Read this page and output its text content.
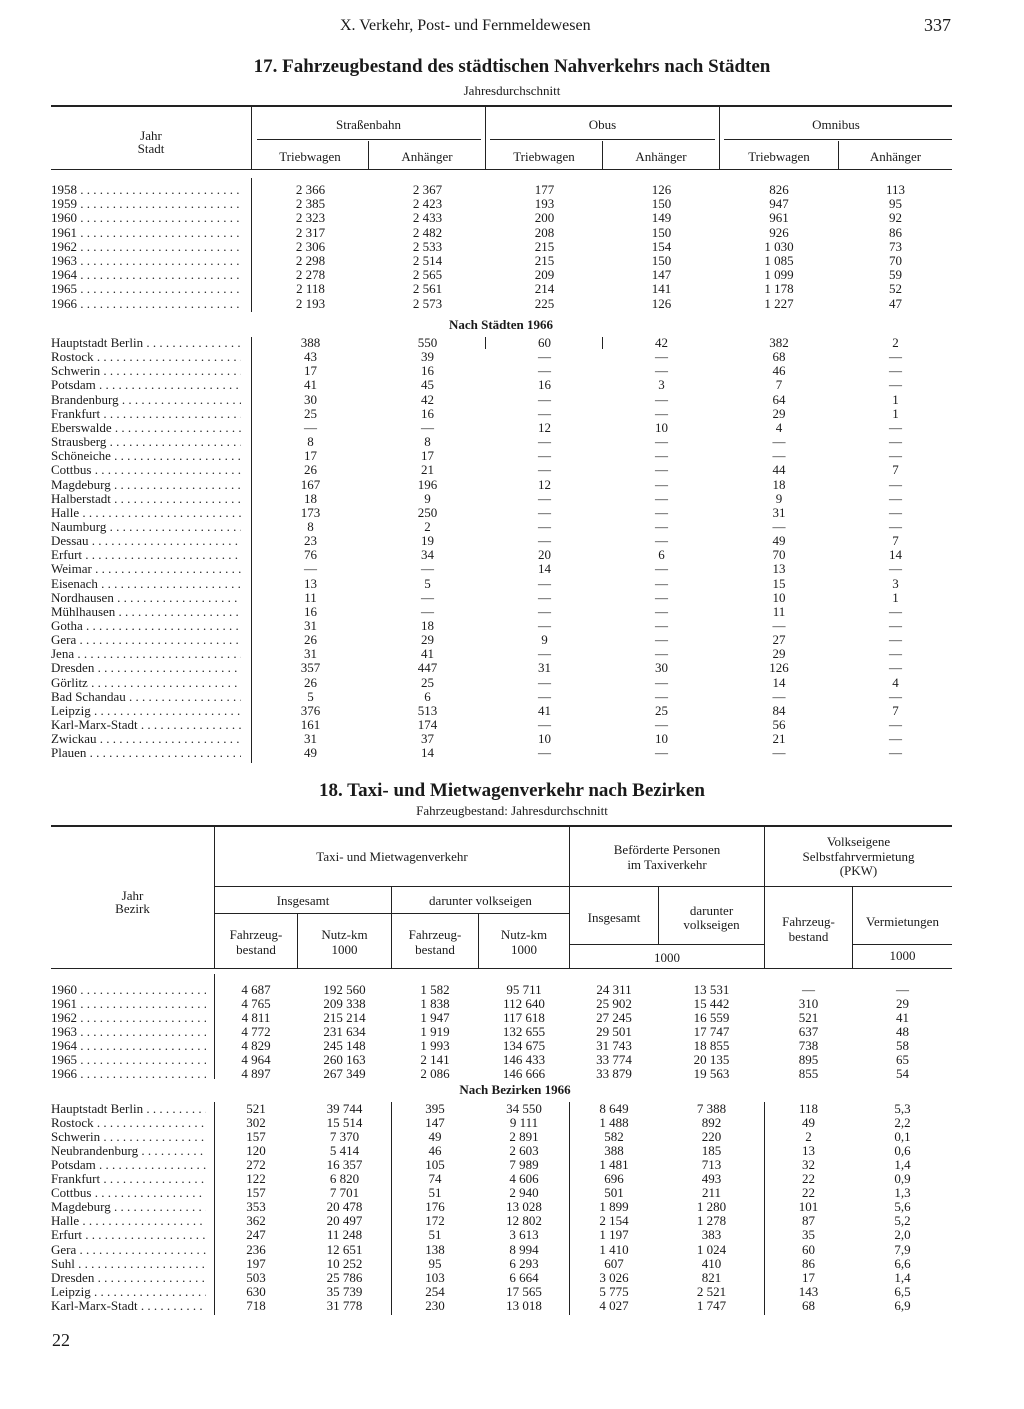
X. Verkehr, Post- und Fernmeldewesen	337
17. Fahrzeugbestand des städtischen Nahverkehrs nach Städten
Jahresdurchschnitt
Jahr
Stadt
Straßenbahn	Obus	Omnibus
Triebwagen	Anhänger	Triebwagen	Anhänger	Triebwagen	Anhänger
1958 . . .	2 366	2 367	177	126	826	113
1959 . . .	2 385	2 423	193	150	947	95
1960 . . .	2 323	2 433	200	149	961	92
1961 . . .	2 317	2 482	208	150	926	86
1962 . . .	2 306	2 533	215	154	1 030	73
1963 . . .	2 298	2 514	215	150	1 085	70
1964 . . .	2 278	2 565	209	147	1 099	59
1965 . . .	2 118	2 561	214	141	1 178	52
1966 . . .	2 193	2 573	225	126	1 227	47
Nach Städten 1966
Hauptstadt Berlin . . .	388	550	60	42	382	2
Rostock . . .	43	39	—	—	68	—
Schwerin . . .	17	16	—	—	46	—
Potsdam . . .	41	45	16	3	7	—
Brandenburg . . .	30	42	—	—	64	1
Frankfurt . . .	25	16	—	—	29	1
Eberswalde . . .	—	—	12	10	4	—
Strausberg . . .	8	8	—	—	—	—
Schöneiche . . .	17	17	—	—	—	—
Cottbus . . .	26	21	—	—	44	7
Magdeburg . . .	167	196	12	—	18	—
Halberstadt . . .	18	9	—	—	9	—
Halle . . .	173	250	—	—	31	—
Naumburg . . .	8	2	—	—	—	—
Dessau . . .	23	19	—	—	49	7
Erfurt . . .	76	34	20	6	70	14
Weimar . . .	—	—	14	—	13	—
Eisenach . . .	13	5	—	—	15	3
Nordhausen . . .	11	—	—	—	10	1
Mühlhausen . . .	16	—	—	—	11	—
Gotha . . .	31	18	—	—	—	—
Gera . . .	26	29	9	—	27	—
Jena . . .	31	41	—	—	29	—
Dresden . . .	357	447	31	30	126	—
Görlitz . . .	26	25	—	—	14	4
Bad Schandau . . .	5	6	—	—	—	—
Leipzig . . .	376	513	41	25	84	7
Karl-Marx-Stadt . . .	161	174	—	—	56	—
Zwickau . . .	31	37	10	10	21	—
Plauen . . .	49	14	—	—	—	—
18. Taxi- und Mietwagenverkehr nach Bezirken
Fahrzeugbestand: Jahresdurchschnitt
Jahr
Bezirk
Taxi- und Mietwagenverkehr	Beförderte Personen
im Taxiverkehr
Volkseigene
Selbstfahrvermietung
(PKW)
Insgesamt	darunter volkseigen
Fahrzeug-
bestand
Nutz-km
1000
Fahrzeug-
bestand
Nutz-km
1000
Insgesamt	darunter
volkseigen
1000
Fahrzeug-
bestand
Vermietungen
1000
1960 . . .	4 687	192 560	1 582	95 711	24 311	13 531	—	—
1961 . . .	4 765	209 338	1 838	112 640	25 902	15 442	310	29
1962 . . .	4 811	215 214	1 947	117 618	27 245	16 559	521	41
1963 . . .	4 772	231 634	1 919	132 655	29 501	17 747	637	48
1964 . . .	4 829	245 148	1 993	134 675	31 743	18 855	738	58
1965 . . .	4 964	260 163	2 141	146 433	33 774	20 135	895	65
1966 . . .	4 897	267 349	2 086	146 666	33 879	19 563	855	54
Nach Bezirken 1966
Hauptstadt Berlin . . .	521	39 744	395	34 550	8 649	7 388	118	5,3
Rostock . . .	302	15 514	147	9 111	1 488	892	49	2,2
Schwerin . . .	157	7 370	49	2 891	582	220	2	0,1
Neubrandenburg . . .	120	5 414	46	2 603	388	185	13	0,6
Potsdam . . .	272	16 357	105	7 989	1 481	713	32	1,4
Frankfurt . . .	122	6 820	74	4 606	696	493	22	0,9
Cottbus . . .	157	7 701	51	2 940	501	211	22	1,3
Magdeburg . . .	353	20 478	176	13 028	1 899	1 280	101	5,6
Halle . . .	362	20 497	172	12 802	2 154	1 278	87	5,2
Erfurt . . .	247	11 248	51	3 613	1 197	383	35	2,0
Gera . . .	236	12 651	138	8 994	1 410	1 024	60	7,9
Suhl . . .	197	10 252	95	6 293	607	410	86	6,6
Dresden . . .	503	25 786	103	6 664	3 026	821	17	1,4
Leipzig . . .	630	35 739	254	17 565	5 775	2 521	143	6,5
Karl-Marx-Stadt . . .	718	31 778	230	13 018	4 027	1 747	68	6,9
22
